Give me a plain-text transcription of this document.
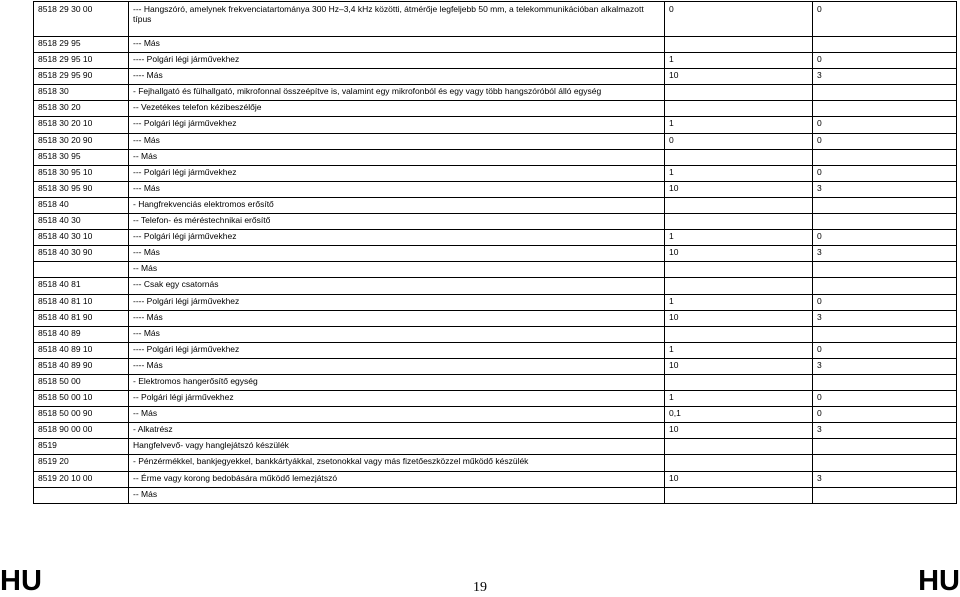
8518 29 30 00	--- Hangszóró, amelynek frekvenciatartománya 300 Hz–3,4 kHz közötti, átmérője legfeljebb 50 mm, a telekommunikációban alkalmazott típus	0	0
8518 29 95	--- Más		
8518 29 95 10	---- Polgári légi járművekhez	1	0
8518 29 95 90	---- Más	10	3
8518 30	- Fejhallgató és fülhallgató, mikrofonnal összeépítve is, valamint egy mikrofonból és egy vagy több hangszóróból álló egység		
8518 30 20	-- Vezetékes telefon kézibeszélője		
8518 30 20 10	--- Polgári légi járművekhez	1	0
8518 30 20 90	--- Más	0	0
8518 30 95	-- Más		
8518 30 95 10	--- Polgári légi járművekhez	1	0
8518 30 95 90	--- Más	10	3
8518 40	- Hangfrekvenciás elektromos erősítő		
8518 40 30	-- Telefon- és méréstechnikai erősítő		
8518 40 30 10	--- Polgári légi járművekhez	1	0
8518 40 30 90	--- Más	10	3
	-- Más		
8518 40 81	--- Csak egy csatornás		
8518 40 81 10	---- Polgári légi járművekhez	1	0
8518 40 81 90	---- Más	10	3
8518 40 89	--- Más		
8518 40 89 10	---- Polgári légi járművekhez	1	0
8518 40 89 90	---- Más	10	3
8518 50 00	- Elektromos hangerősítő egység		
8518 50 00 10	-- Polgári légi járművekhez	1	0
8518 50 00 90	-- Más	0,1	0
8518 90 00 00	- Alkatrész	10	3
8519	Hangfelvevő- vagy hanglejátszó készülék		
8519 20	- Pénzérmékkel, bankjegyekkel, bankkártyákkal, zsetonokkal vagy más fizetőeszközzel működő készülék		
8519 20 10 00	-- Érme vagy korong bedobására működő lemezjátszó	10	3
	-- Más		
HU	19	HU
